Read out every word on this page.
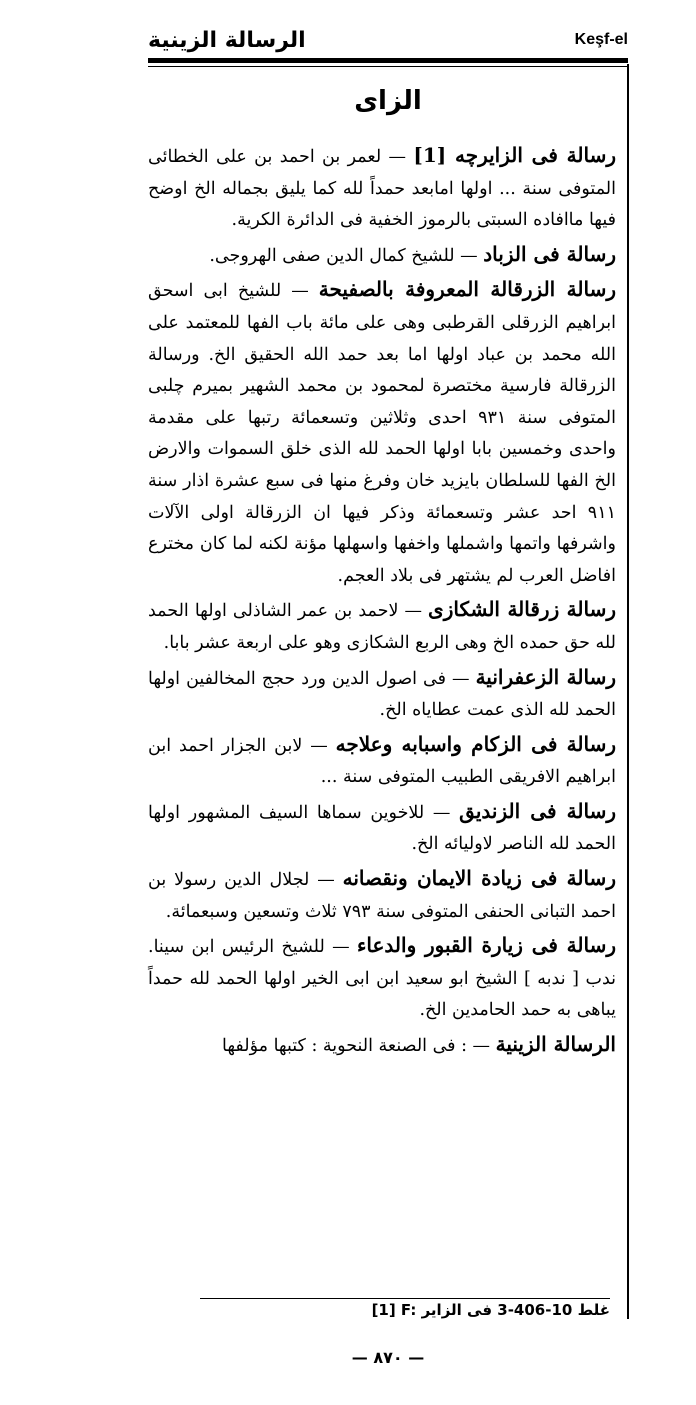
الرسالة الزينية	Keşf-el
الزاى

رسالة فى الزايرچه [1] — لعمر بن احمد بن على الخطائى المتوفى سنة ... اولها امابعد حمداً لله كما يليق بجماله الخ اوضح فيها ماافاده السبتى بالرموز الخفية فى الدائرة الكرية.

رسالة فى الزباد — للشيخ كمال الدين صفى الهروجى.

رسالة الزرقالة المعروفة بالصفيحة — للشيخ ابى اسحق ابراهيم الزرقلى القرطبى وهى على مائة باب الفها للمعتمد على الله محمد بن عباد اولها اما بعد حمد الله الحقيق الخ. ورسالة الزرقالة فارسية مختصرة لمحمود بن محمد الشهير بميرم چلبى المتوفى سنة ٩٣١ احدى وثلاثين وتسعمائة رتبها على مقدمة واحدى وخمسين بابا اولها الحمد لله الذى خلق السموات والارض الخ الفها للسلطان بايزيد خان وفرغ منها فى سبع عشرة اذار سنة ٩١١ احد عشر وتسعمائة وذكر فيها ان الزرقالة اولى الآلات واشرفها واتمها واشملها واخفها واسهلها مؤنة لكنه لما كان مخترع افاضل العرب لم يشتهر فى بلاد العجم.

رسالة زرقالة الشكازى — لاحمد بن عمر الشاذلى اولها الحمد لله حق حمده الخ وهى الربع الشكازى وهو على اربعة عشر بابا.

رسالة الزعفرانية — فى اصول الدين ورد حجج المخالفين اولها الحمد لله الذى عمت عطاياه الخ.

رسالة فى الزكام واسبابه وعلاجه — لابن الجزار احمد ابن ابراهيم الافريقى الطبيب المتوفى سنة ...

رسالة فى الزنديق — للاخوين سماها السيف المشهور اولها الحمد لله الناصر لاوليائه الخ.

رسالة فى زيادة الايمان ونقصانه — لجلال الدين رسولا بن احمد التبانى الحنفى المتوفى سنة ٧٩٣ ثلاث وتسعين وسبعمائة.

رسالة فى زيارة القبور والدعاء — للشيخ الرئيس ابن سينا. ندب [ ندبه ] الشيخ ابو سعيد ابن ابى الخير اولها الحمد لله حمداً يباهى به حمد الحامدين الخ.

الرسالة الزينية — : فى الصنعة النحوية : كتبها مؤلفها

[1] F: غلط 10-406-3 فى الزاير
— ٨٧٠ —
